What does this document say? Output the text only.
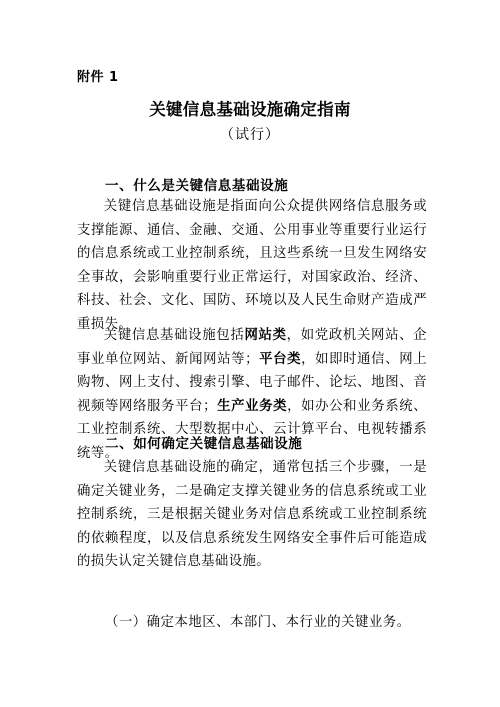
附件 1
关键信息基础设施确定指南
（试行）
一、什么是关键信息基础设施

关键信息基础设施是指面向公众提供网络信息服务或支撑能源、通信、金融、交通、公用事业等重要行业运行的信息系统或工业控制系统，且这些系统一旦发生网络安全事故，会影响重要行业正常运行，对国家政治、经济、科技、社会、文化、国防、环境以及人民生命财产造成严重损失。

关键信息基础设施包括网站类，如党政机关网站、企事业单位网站、新闻网站等；平台类，如即时通信、网上购物、网上支付、搜索引擎、电子邮件、论坛、地图、音视频等网络服务平台；生产业务类，如办公和业务系统、工业控制系统、大型数据中心、云计算平台、电视转播系统等。

二、如何确定关键信息基础设施

关键信息基础设施的确定，通常包括三个步骤，一是确定关键业务，二是确定支撑关键业务的信息系统或工业控制系统，三是根据关键业务对信息系统或工业控制系统的依赖程度，以及信息系统发生网络安全事件后可能造成的损失认定关键信息基础设施。

（一）确定本地区、本部门、本行业的关键业务。
